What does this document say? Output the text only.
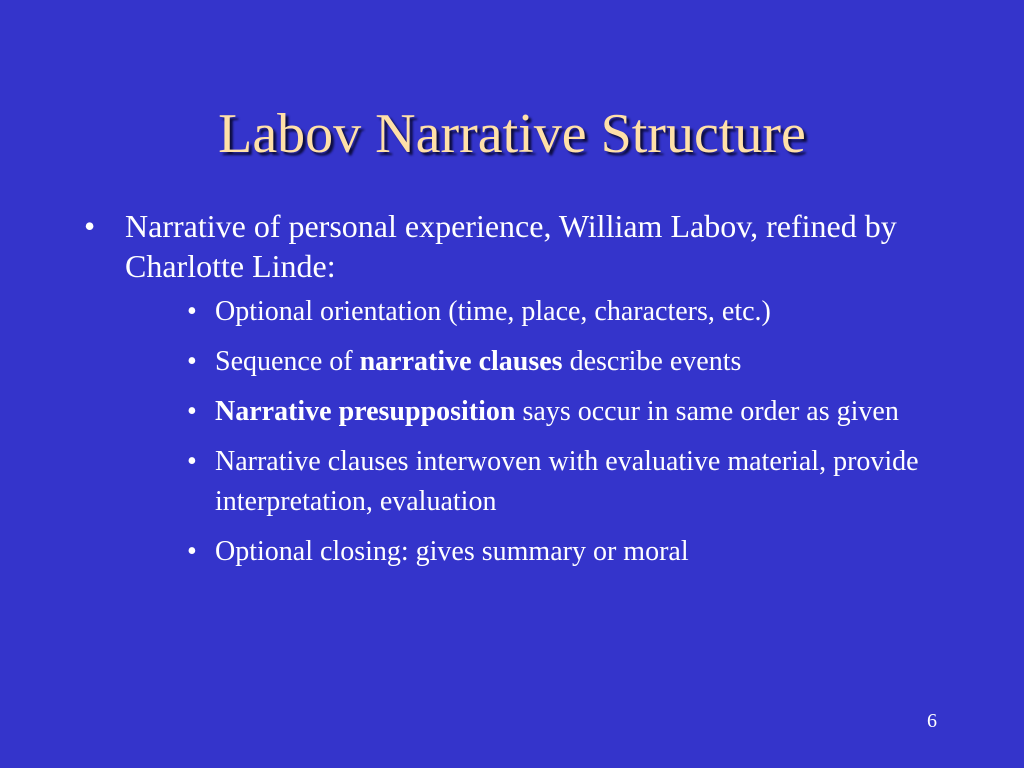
Labov Narrative Structure
• Narrative of personal experience, William Labov, refined by Charlotte Linde:
• Optional orientation (time, place, characters, etc.)
• Sequence of narrative clauses describe events
• Narrative presupposition says occur in same order as given
• Narrative clauses interwoven with evaluative material, provide interpretation, evaluation
• Optional closing: gives summary or moral
6
